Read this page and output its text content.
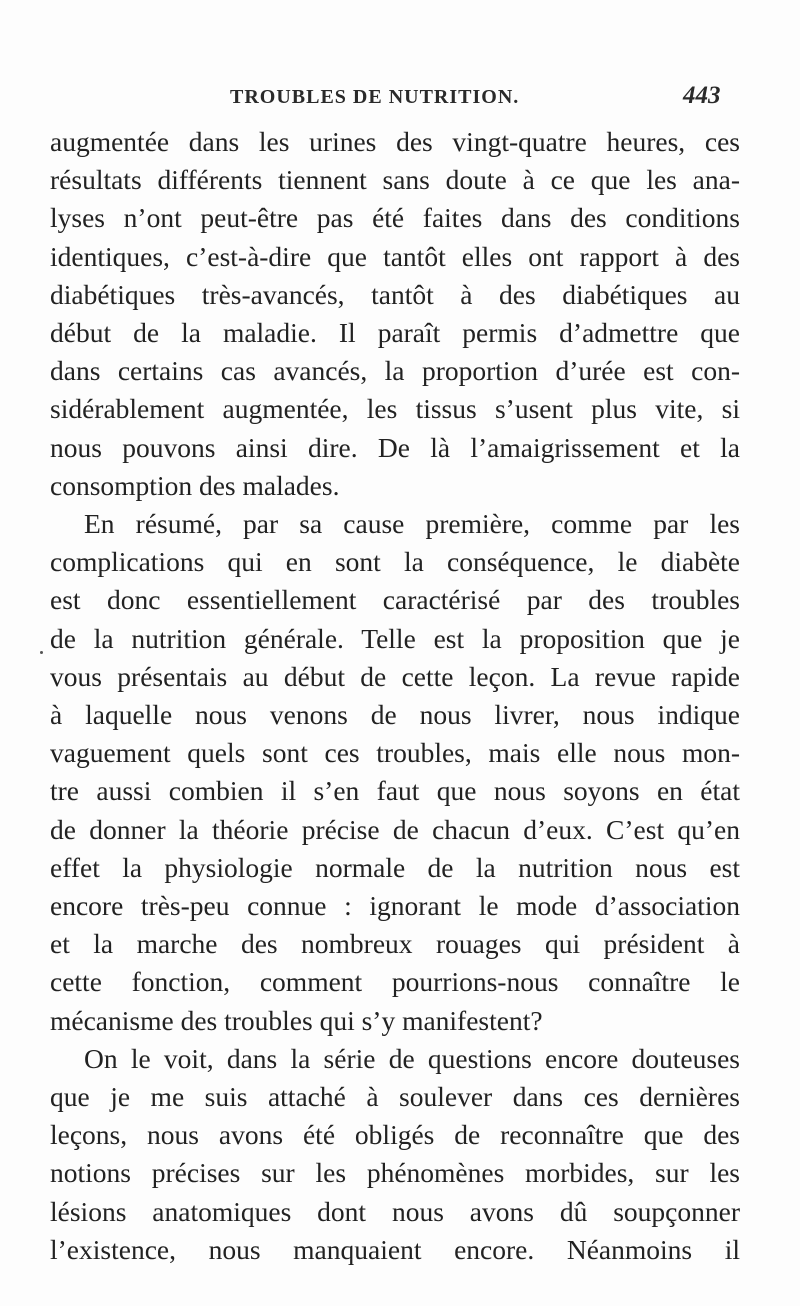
TROUBLES DE NUTRITION.	443
augmentée dans les urines des vingt-quatre heures, ces
résultats différents tiennent sans doute à ce que les ana-
lyses n’ont peut-être pas été faites dans des conditions
identiques, c’est-à-dire que tantôt elles ont rapport à des
diabétiques très-avancés, tantôt à des diabétiques au
début de la maladie. Il paraît permis d’admettre que
dans certains cas avancés, la proportion d’urée est con-
sidérablement augmentée, les tissus s’usent plus vite, si
nous pouvons ainsi dire. De là l’amaigrissement et la
consomption des malades.
En résumé, par sa cause première, comme par les
complications qui en sont la conséquence, le diabète
est donc essentiellement caractérisé par des troubles
de la nutrition générale. Telle est la proposition que je
vous présentais au début de cette leçon. La revue rapide
à laquelle nous venons de nous livrer, nous indique
vaguement quels sont ces troubles, mais elle nous mon-
tre aussi combien il s’en faut que nous soyons en état
de donner la théorie précise de chacun d’eux. C’est qu’en
effet la physiologie normale de la nutrition nous est
encore très-peu connue : ignorant le mode d’association
et la marche des nombreux rouages qui président à
cette fonction, comment pourrions-nous connaître le
mécanisme des troubles qui s’y manifestent?
On le voit, dans la série de questions encore douteuses
que je me suis attaché à soulever dans ces dernières
leçons, nous avons été obligés de reconnaître que des
notions précises sur les phénomènes morbides, sur les
lésions anatomiques dont nous avons dû soupçonner
l’existence, nous manquaient encore. Néanmoins il
